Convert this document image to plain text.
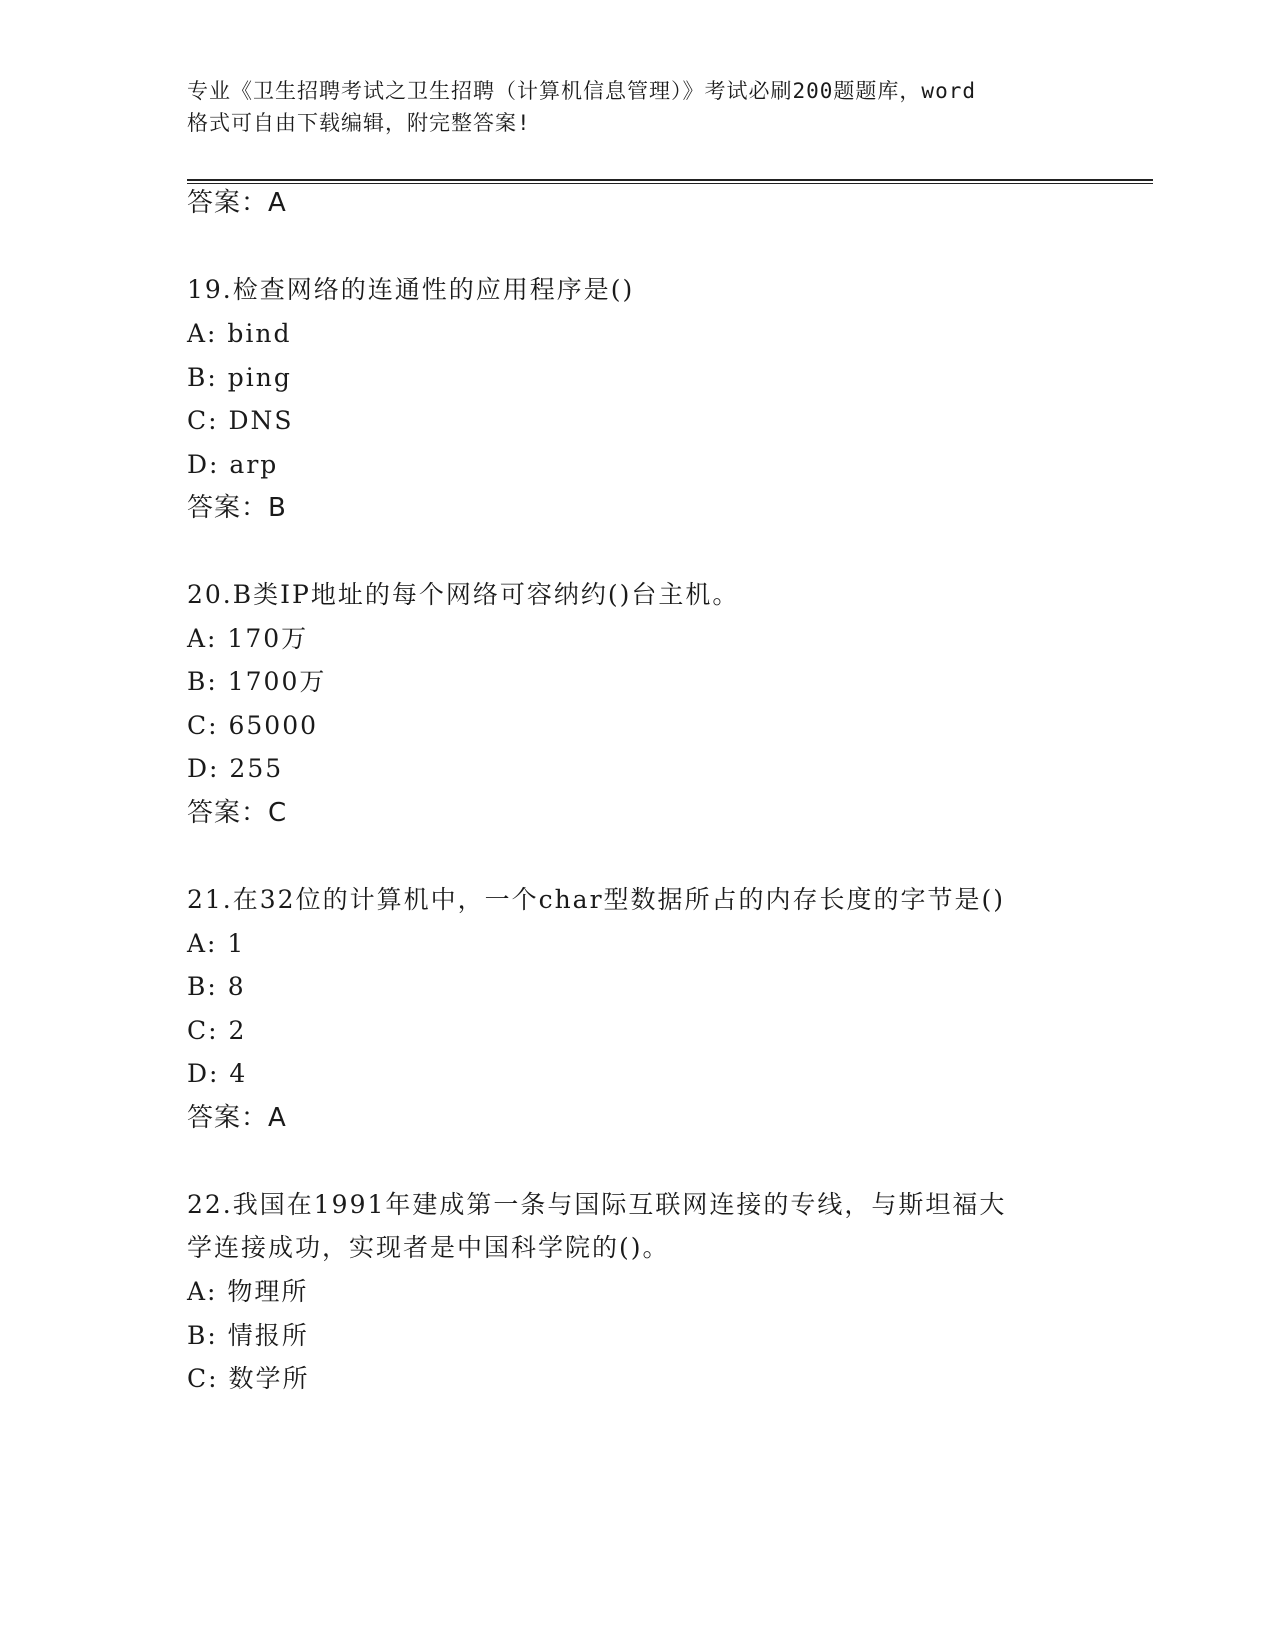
专业《卫生招聘考试之卫生招聘（计算机信息管理）》考试必刷200题题库，word
格式可自由下载编辑，附完整答案!
答案：A
19.检查网络的连通性的应用程序是()
A: bind
B: ping
C: DNS
D: arp
答案：B
20.B类IP地址的每个网络可容纳约()台主机。
A: 170万
B: 1700万
C: 65000
D: 255
答案：C
21.在32位的计算机中，一个char型数据所占的内存长度的字节是()
A: 1
B: 8
C: 2
D: 4
答案：A
22.我国在1991年建成第一条与国际互联网连接的专线，与斯坦福大
学连接成功，实现者是中国科学院的()。
A: 物理所
B: 情报所
C: 数学所
